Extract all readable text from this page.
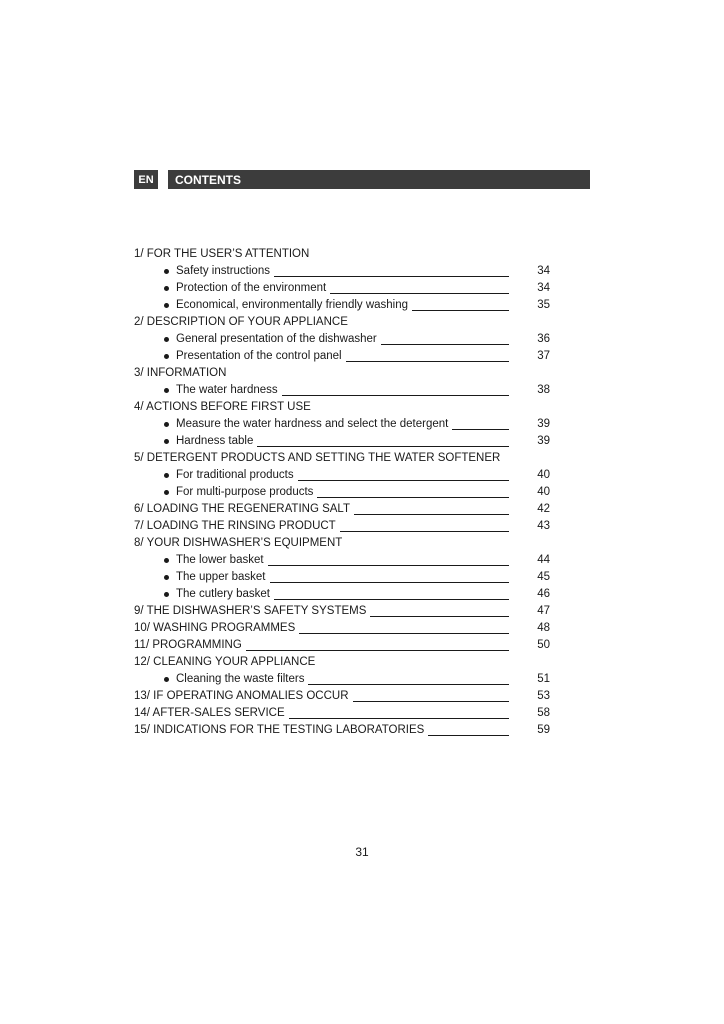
EN	CONTENTS
1/ FOR THE USER’S ATTENTION
Safety instructions	34
Protection of the environment	34
Economical, environmentally friendly washing	35
2/ DESCRIPTION OF YOUR APPLIANCE
General presentation of the dishwasher	36
Presentation of the control panel	37
3/ INFORMATION
The water hardness	38
4/ ACTIONS BEFORE FIRST USE
Measure the water hardness and select the detergent	39
Hardness table	39
5/ DETERGENT PRODUCTS AND SETTING THE WATER SOFTENER
For traditional products	40
For multi-purpose products	40
6/ LOADING THE REGENERATING SALT	42
7/ LOADING THE RINSING PRODUCT	43
8/ YOUR DISHWASHER’S EQUIPMENT
The lower basket	44
The upper basket	45
The cutlery basket	46
9/ THE DISHWASHER’S SAFETY SYSTEMS	47
10/ WASHING PROGRAMMES	48
11/ PROGRAMMING	50
12/ CLEANING YOUR APPLIANCE
Cleaning the waste filters	51
13/ IF OPERATING ANOMALIES OCCUR	53
14/ AFTER-SALES SERVICE	58
15/ INDICATIONS FOR THE TESTING LABORATORIES	59
31
